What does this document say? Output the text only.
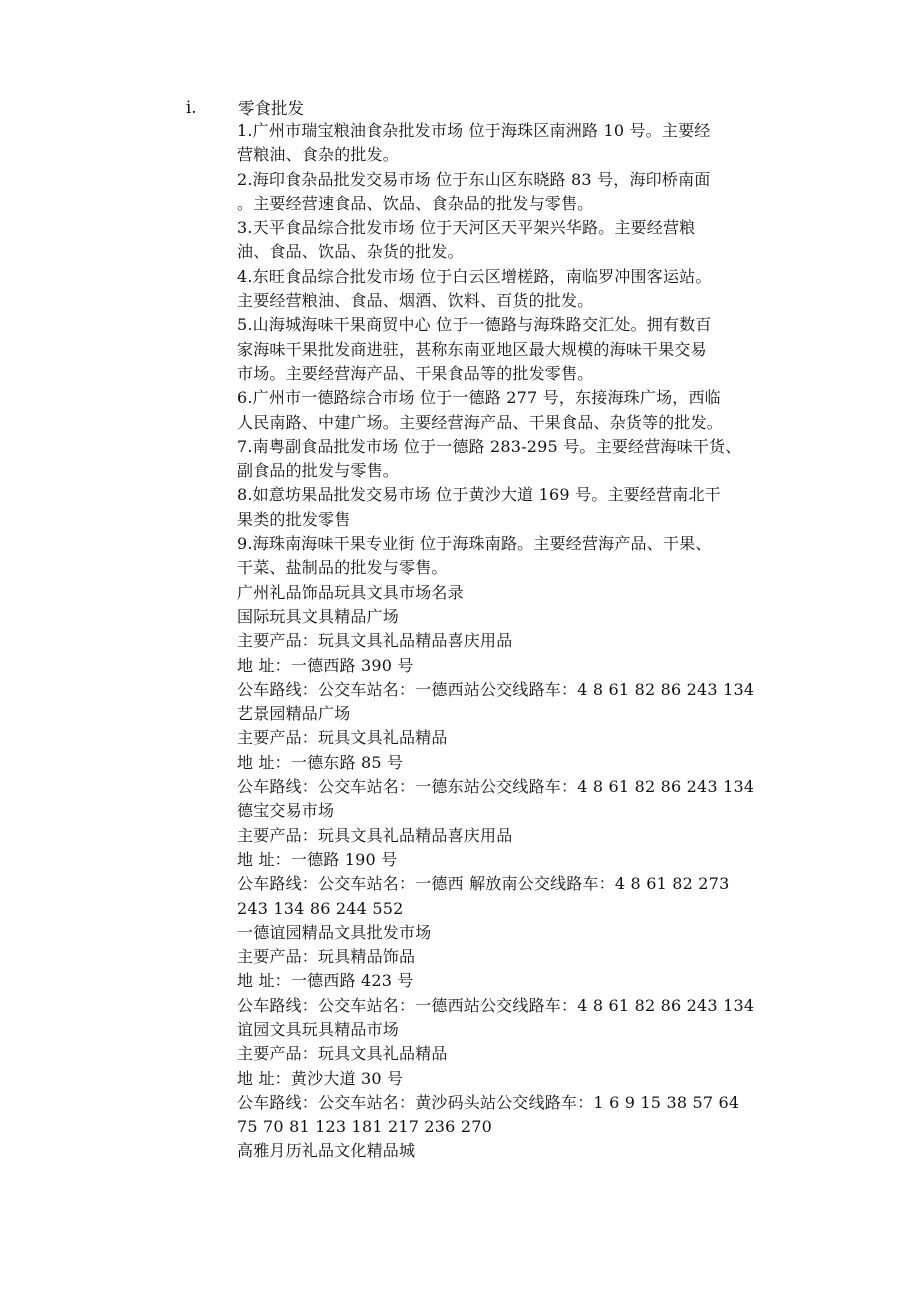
i.	零食批发
1.广州市瑞宝粮油食杂批发市场 位于海珠区南洲路 10 号。主要经
营粮油、食杂的批发。
2.海印食杂品批发交易市场 位于东山区东晓路 83 号，海印桥南面
。主要经营速食品、饮品、食杂品的批发与零售。
3.天平食品综合批发市场 位于天河区天平架兴华路。主要经营粮
油、食品、饮品、杂货的批发。
4.东旺食品综合批发市场 位于白云区增槎路，南临罗冲围客运站。
主要经营粮油、食品、烟酒、饮料、百货的批发。
5.山海城海味干果商贸中心 位于一德路与海珠路交汇处。拥有数百
家海味干果批发商进驻，甚称东南亚地区最大规模的海味干果交易
市场。主要经营海产品、干果食品等的批发零售。
6.广州市一德路综合市场 位于一德路 277 号，东接海珠广场，西临
人民南路、中建广场。主要经营海产品、干果食品、杂货等的批发。
7.南粤副食品批发市场 位于一德路 283-295 号。主要经营海味干货、
副食品的批发与零售。
8.如意坊果品批发交易市场 位于黄沙大道 169 号。主要经营南北干
果类的批发零售
9.海珠南海味干果专业街 位于海珠南路。主要经营海产品、干果、
干菜、盐制品的批发与零售。
广州礼品饰品玩具文具市场名录
国际玩具文具精品广场
主要产品：玩具文具礼品精品喜庆用品
地 址：一德西路 390 号
公车路线：公交车站名：一德西站公交线路车：4 8 61 82 86 243 134
艺景园精品广场
主要产品：玩具文具礼品精品
地 址：一德东路 85 号
公车路线：公交车站名：一德东站公交线路车：4 8 61 82 86 243 134
德宝交易市场
主要产品：玩具文具礼品精品喜庆用品
地 址：一德路 190 号
公车路线：公交车站名：一德西 解放南公交线路车：4 8 61 82 273
243 134 86 244 552
一德谊园精品文具批发市场
主要产品：玩具精品饰品
地 址：一德西路 423 号
公车路线：公交车站名：一德西站公交线路车：4 8 61 82 86 243 134
谊园文具玩具精品市场
主要产品：玩具文具礼品精品
地 址：黄沙大道 30 号
公车路线：公交车站名：黄沙码头站公交线路车：1 6 9 15 38 57 64
75 70 81 123 181 217 236 270
高雅月历礼品文化精品城
